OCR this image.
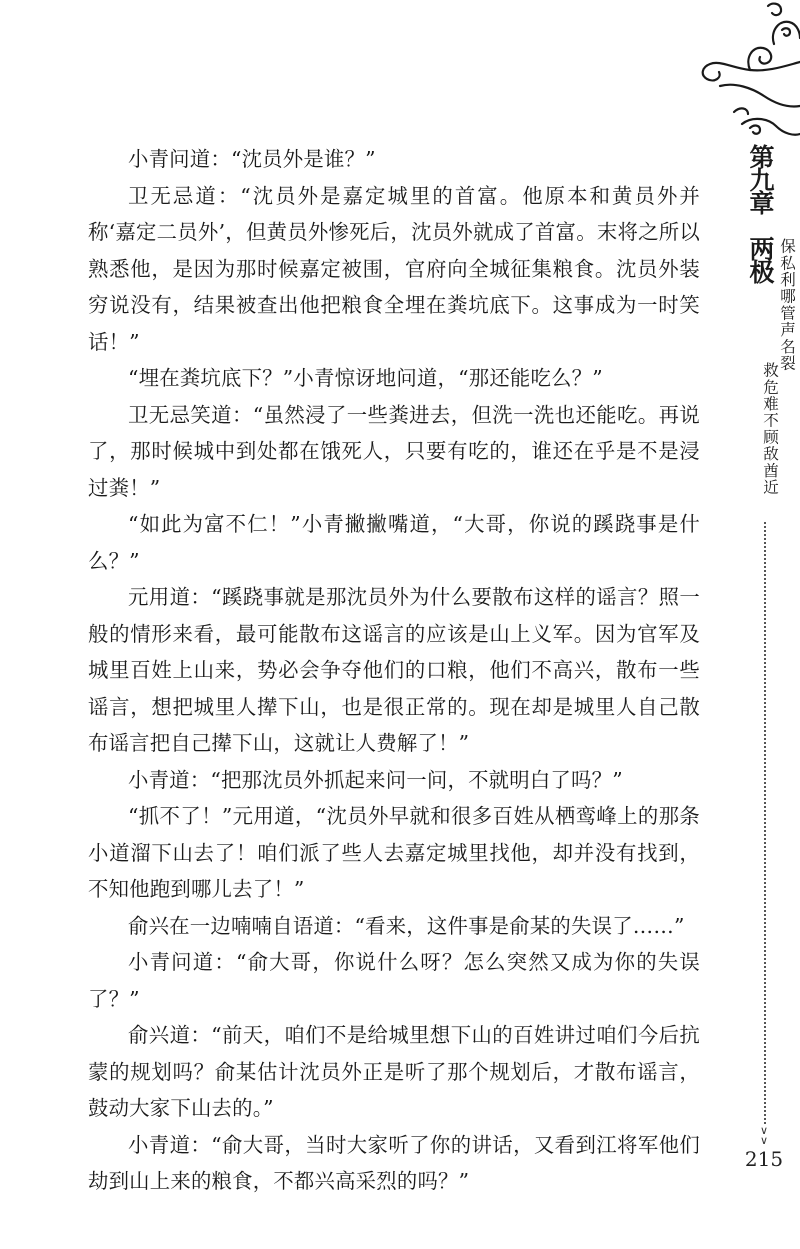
第九章
两极 保私利哪管声名裂
救危难不顾敌酋近
∨
∨
215

小青问道：“沈员外是谁？”

卫无忌道：“沈员外是嘉定城里的首富。他原本和黄员外并称‘嘉定二员外’，但黄员外惨死后，沈员外就成了首富。末将之所以熟悉他，是因为那时候嘉定被围，官府向全城征集粮食。沈员外装穷说没有，结果被查出他把粮食全埋在粪坑底下。这事成为一时笑话！”

“埋在粪坑底下？”小青惊讶地问道，“那还能吃么？”

卫无忌笑道：“虽然浸了一些粪进去，但洗一洗也还能吃。再说了，那时候城中到处都在饿死人，只要有吃的，谁还在乎是不是浸过粪！”

“如此为富不仁！”小青撇撇嘴道，“大哥，你说的蹊跷事是什么？”

元用道：“蹊跷事就是那沈员外为什么要散布这样的谣言？照一般的情形来看，最可能散布这谣言的应该是山上义军。因为官军及城里百姓上山来，势必会争夺他们的口粮，他们不高兴，散布一些谣言，想把城里人撵下山，也是很正常的。现在却是城里人自己散布谣言把自己撵下山，这就让人费解了！”

小青道：“把那沈员外抓起来问一问，不就明白了吗？”

“抓不了！”元用道，“沈员外早就和很多百姓从栖鸾峰上的那条小道溜下山去了！咱们派了些人去嘉定城里找他，却并没有找到，不知他跑到哪儿去了！”

俞兴在一边喃喃自语道：“看来，这件事是俞某的失误了……”

小青问道：“俞大哥，你说什么呀？怎么突然又成为你的失误了？”

俞兴道：“前天，咱们不是给城里想下山的百姓讲过咱们今后抗蒙的规划吗？俞某估计沈员外正是听了那个规划后，才散布谣言，鼓动大家下山去的。”

小青道：“俞大哥，当时大家听了你的讲话，又看到江将军他们劫到山上来的粮食，不都兴高采烈的吗？”
